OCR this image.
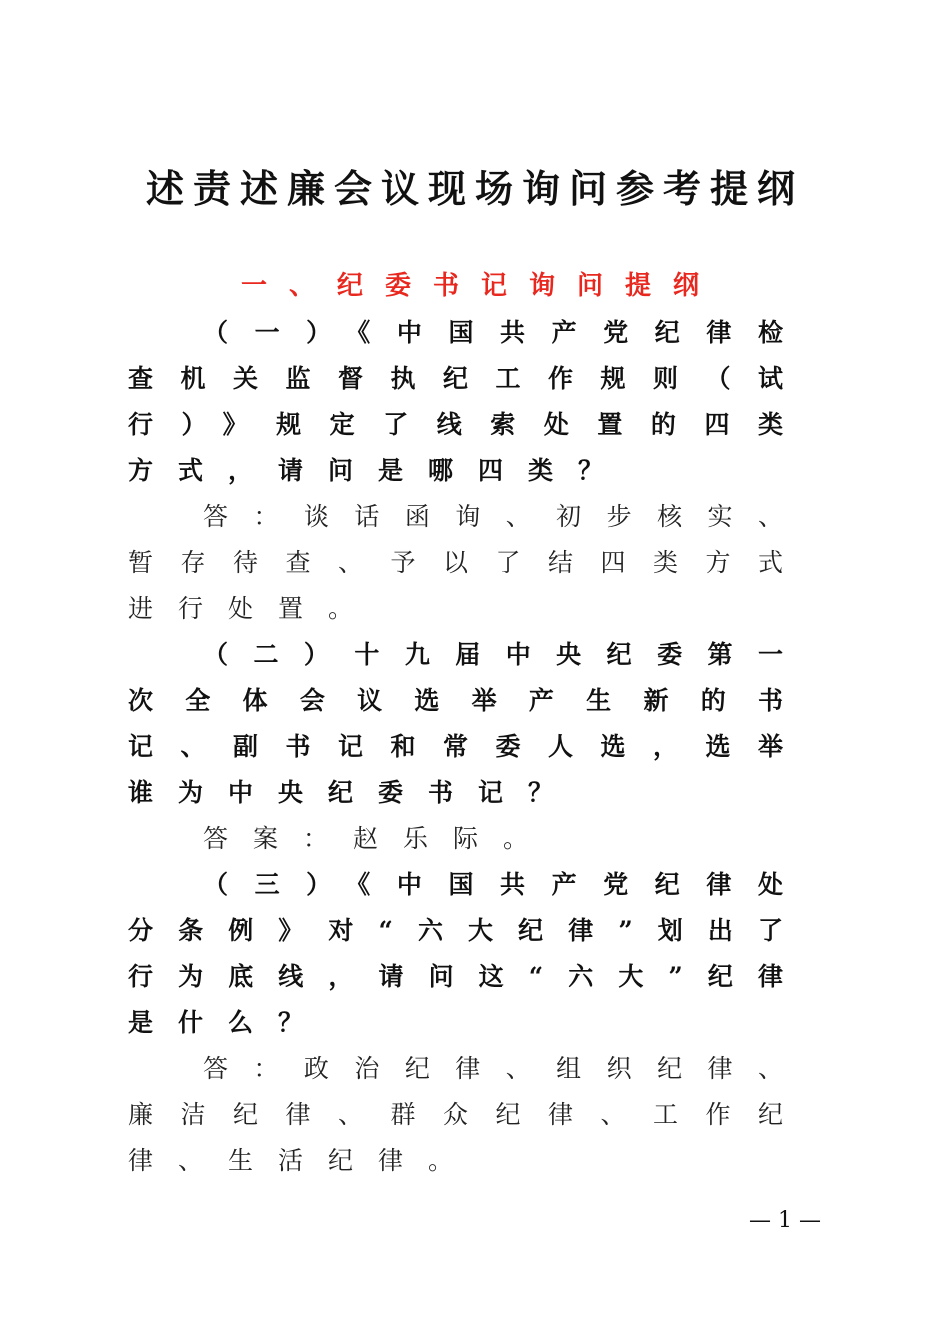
述责述廉会议现场询问参考提纲
一、纪委书记询问提纲

（一）《中国共产党纪律检查机关监督执纪工作规则（试行）》规定了线索处置的四类方式，请问是哪四类？

答：谈话函询、初步核实、暂存待查、予以了结四类方式进行处置。

（二）十九届中央纪委第一次全体会议选举产生新的书记、副书记和常委人选，选举谁为中央纪委书记？

答案：赵乐际。

（三）《中国共产党纪律处分条例》对“六大纪律”划出了行为底线，请问这“六大”纪律是什么？

答：政治纪律、组织纪律、廉洁纪律、群众纪律、工作纪律、生活纪律。

— 1 —
